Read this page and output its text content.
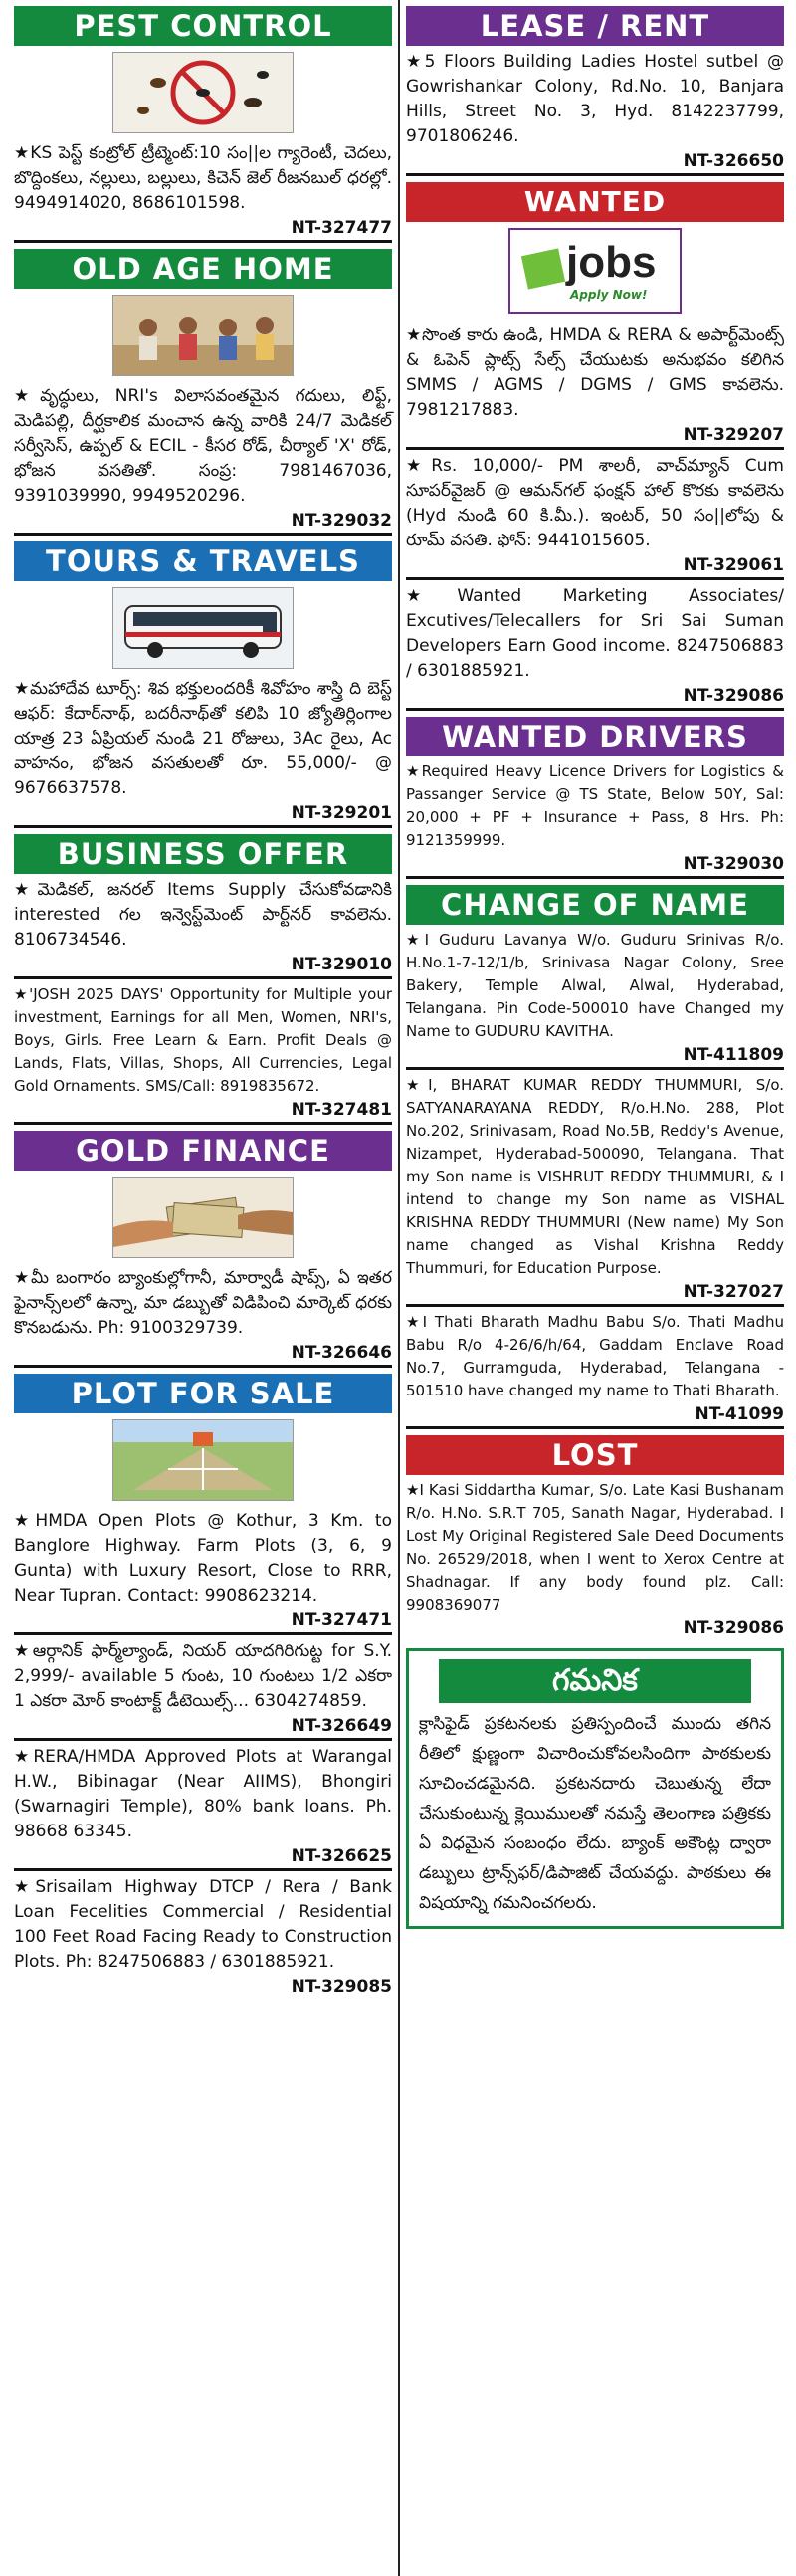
PEST CONTROL
★KS పెస్ట్ కంట్రోల్ ట్రీట్మెంట్:10 సం||ల గ్యారెంటీ, చెదలు, బొద్దింకలు, నల్లులు, బల్లులు, కిచెన్ జెల్ రీజనబుల్ ధరల్లో. 9494914020, 8686101598.
NT-327477
OLD AGE HOME
★వృద్ధులు, NRI's విలాసవంతమైన గదులు, లిఫ్ట్, మెడిపల్లి, దీర్ఘకాలిక మంచాన ఉన్న వారికి 24/7 మెడికల్ సర్వీసెస్, ఉప్పల్ & ECIL - కీసర రోడ్, చీర్యాల్ 'X' రోడ్, భోజన వసతితో. సంప్ర: 7981467036, 9391039990, 9949520296.
NT-329032
TOURS & TRAVELS
★మహాదేవ టూర్స్: శివ భక్తులందరికీ శివోహం శాస్త్రి ది బెస్ట్ ఆఫర్: కేదార్‌నాథ్, బదరీనాథ్‌తో కలిపి 10 జ్యోతిర్లింగాల యాత్ర 23 ఏప్రియల్ నుండి 21 రోజులు, 3Ac రైలు, Ac వాహనం, భోజన వసతులతో రూ. 55,000/- @ 9676637578.
NT-329201
BUSINESS OFFER
★మెడికల్, జనరల్ Items Supply చేసుకోవడానికి interested గల ఇన్వెస్ట్‌మెంట్ పార్ట్‌నర్ కావలెను. 8106734546.
NT-329010
★'JOSH 2025 DAYS' Opportunity for Multiple your investment, Earnings for all Men, Women, NRI's, Boys, Girls. Free Learn & Earn. Profit Deals @ Lands, Flats, Villas, Shops, All Currencies, Legal Gold Ornaments. SMS/Call: 8919835672.
NT-327481
GOLD FINANCE
★మీ బంగారం బ్యాంకుల్లోగానీ, మార్వాడీ షాప్స్, ఏ ఇతర ఫైనాన్స్‌లలో ఉన్నా, మా డబ్బుతో విడిపించి మార్కెట్ ధరకు కొనబడును. Ph: 9100329739.
NT-326646
PLOT FOR SALE
★HMDA Open Plots @ Kothur, 3 Km. to Banglore Highway. Farm Plots (3, 6, 9 Gunta) with Luxury Resort, Close to RRR, Near Tupran. Contact: 9908623214.
NT-327471
★ఆర్గానిక్ ఫార్మ్‌ల్యాండ్, నియర్ యాదగిరిగుట్ట for S.Y. 2,999/- available 5 గుంట, 10 గుంటలు 1/2 ఎకరా 1 ఎకరా మోర్ కాంటాక్ట్ డీటెయిల్స్... 6304274859.
NT-326649
★RERA/HMDA Approved Plots at Warangal H.W., Bibinagar (Near AIIMS), Bhongiri (Swarnagiri Temple), 80% bank loans. Ph. 98668 63345.
NT-326625
★Srisailam Highway DTCP / Rera / Bank Loan Fecelities Commercial / Residential 100 Feet Road Facing Ready to Construction Plots. Ph: 8247506883 / 6301885921.
NT-329085
LEASE / RENT
★5 Floors Building Ladies Hostel sutbel @ Gowrishankar Colony, Rd.No. 10, Banjara Hills, Street No. 3, Hyd. 8142237799, 9701806246.
NT-326650
WANTED
jobs
Apply Now!
★సొంత కారు ఉండి, HMDA & RERA & అపార్ట్‌మెంట్స్ & ఓపెన్ ప్లాట్స్ సేల్స్ చేయుటకు అనుభవం కలిగిన SMMS / AGMS / DGMS / GMS కావలెను. 7981217883.
NT-329207
★Rs. 10,000/- PM శాలరీ, వాచ్‌మ్యాన్ Cum సూపర్‌వైజర్ @ ఆమన్‌గల్ ఫంక్షన్ హాల్ కొరకు కావలెను (Hyd నుండి 60 కి.మీ.). ఇంటర్, 50 సం||లోపు & రూమ్ వసతి. ఫోన్: 9441015605.
NT-329061
★Wanted Marketing Associates/ Excutives/Telecallers for Sri Sai Suman Developers Earn Good income. 8247506883 / 6301885921.
NT-329086
WANTED DRIVERS
★Required Heavy Licence Drivers for Logistics & Passanger Service @ TS State, Below 50Y, Sal: 20,000 + PF + Insurance + Pass, 8 Hrs. Ph: 9121359999.
NT-329030
CHANGE OF NAME
★I Guduru Lavanya W/o. Guduru Srinivas R/o. H.No.1-7-12/1/b, Srinivasa Nagar Colony, Sree Bakery, Temple Alwal, Alwal, Hyderabad, Telangana. Pin Code-500010 have Changed my Name to GUDURU KAVITHA.
NT-411809
★I, BHARAT KUMAR REDDY THUMMURI, S/o. SATYANARAYANA REDDY, R/o.H.No. 288, Plot No.202, Srinivasam, Road No.5B, Reddy's Avenue, Nizampet, Hyderabad-500090, Telangana. That my Son name is VISHRUT REDDY THUMMURI, & I intend to change my Son name as VISHAL KRISHNA REDDY THUMMURI (New name) My Son name changed as Vishal Krishna Reddy Thummuri, for Education Purpose.
NT-327027
★I Thati Bharath Madhu Babu S/o. Thati Madhu Babu R/o 4-26/6/h/64, Gaddam Enclave Road No.7, Gurramguda, Hyderabad, Telangana - 501510 have changed my name to Thati Bharath.
NT-41099
LOST
★I Kasi Siddartha Kumar, S/o. Late Kasi Bushanam R/o. H.No. S.R.T 705, Sanath Nagar, Hyderabad. I Lost My Original Registered Sale Deed Documents No. 26529/2018, when I went to Xerox Centre at Shadnagar. If any body found plz. Call: 9908369077
NT-329086
గమనిక
క్లాసిఫైడ్ ప్రకటనలకు ప్రతిస్పందించే ముందు తగిన రీతిలో క్షుణ్ణంగా విచారించుకోవలసిందిగా పాఠకులకు సూచించడమైనది. ప్రకటనదారు చెబుతున్న లేదా చేసుకుంటున్న క్లెయిములతో నమస్తే తెలంగాణ పత్రికకు ఏ విధమైన సంబంధం లేదు. బ్యాంక్ అకౌంట్ల ద్వారా డబ్బులు ట్రాన్స్‌ఫర్/డిపాజిట్ చేయవద్దు. పాఠకులు ఈ విషయాన్ని గమనించగలరు.
